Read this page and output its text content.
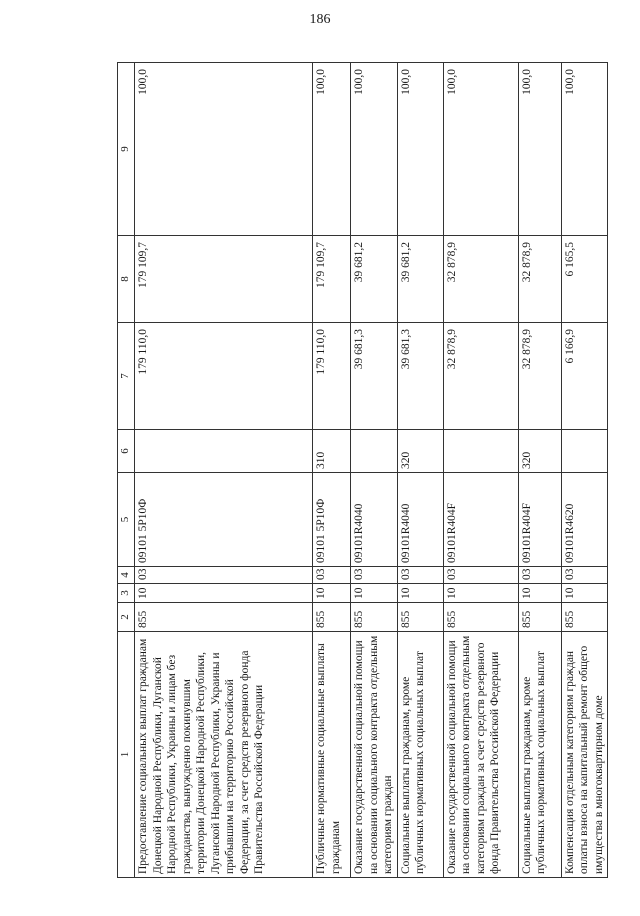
186
1	2	3	4	5	6	7	8	9
Предоставление социальных выплат гражданам Донецкой Народной Республики, Луганской Народной Республики, Украины и лицам без гражданства, вынужденно покинувшим территории Донецкой Народной Республики, Луганской Народной Республики, Украины и прибывшим на территорию Российской Федерации, за счет средств резервного фонда Правительства Российской Федерации	855	10	03	09101 5Р10Ф		179 110,0	179 109,7	100,0
Публичные нормативные социальные выплаты гражданам	855	10	03	09101 5Р10Ф	310	179 110,0	179 109,7	100,0
Оказание государственной социальной помощи на основании социального контракта отдельным категориям граждан	855	10	03	09101R4040		39 681,3	39 681,2	100,0
Социальные выплаты гражданам, кроме публичных нормативных социальных выплат	855	10	03	09101R4040	320	39 681,3	39 681,2	100,0
Оказание государственной социальной помощи на основании социального контракта отдельным категориям граждан за счет средств резервного фонда Правительства Российской Федерации	855	10	03	09101R404F		32 878,9	32 878,9	100,0
Социальные выплаты гражданам, кроме публичных нормативных социальных выплат	855	10	03	09101R404F	320	32 878,9	32 878,9	100,0
Компенсация отдельным категориям граждан оплаты взноса на капитальный ремонт общего имущества в многоквартирном доме	855	10	03	09101R4620		6 166,9	6 165,5	100,0
